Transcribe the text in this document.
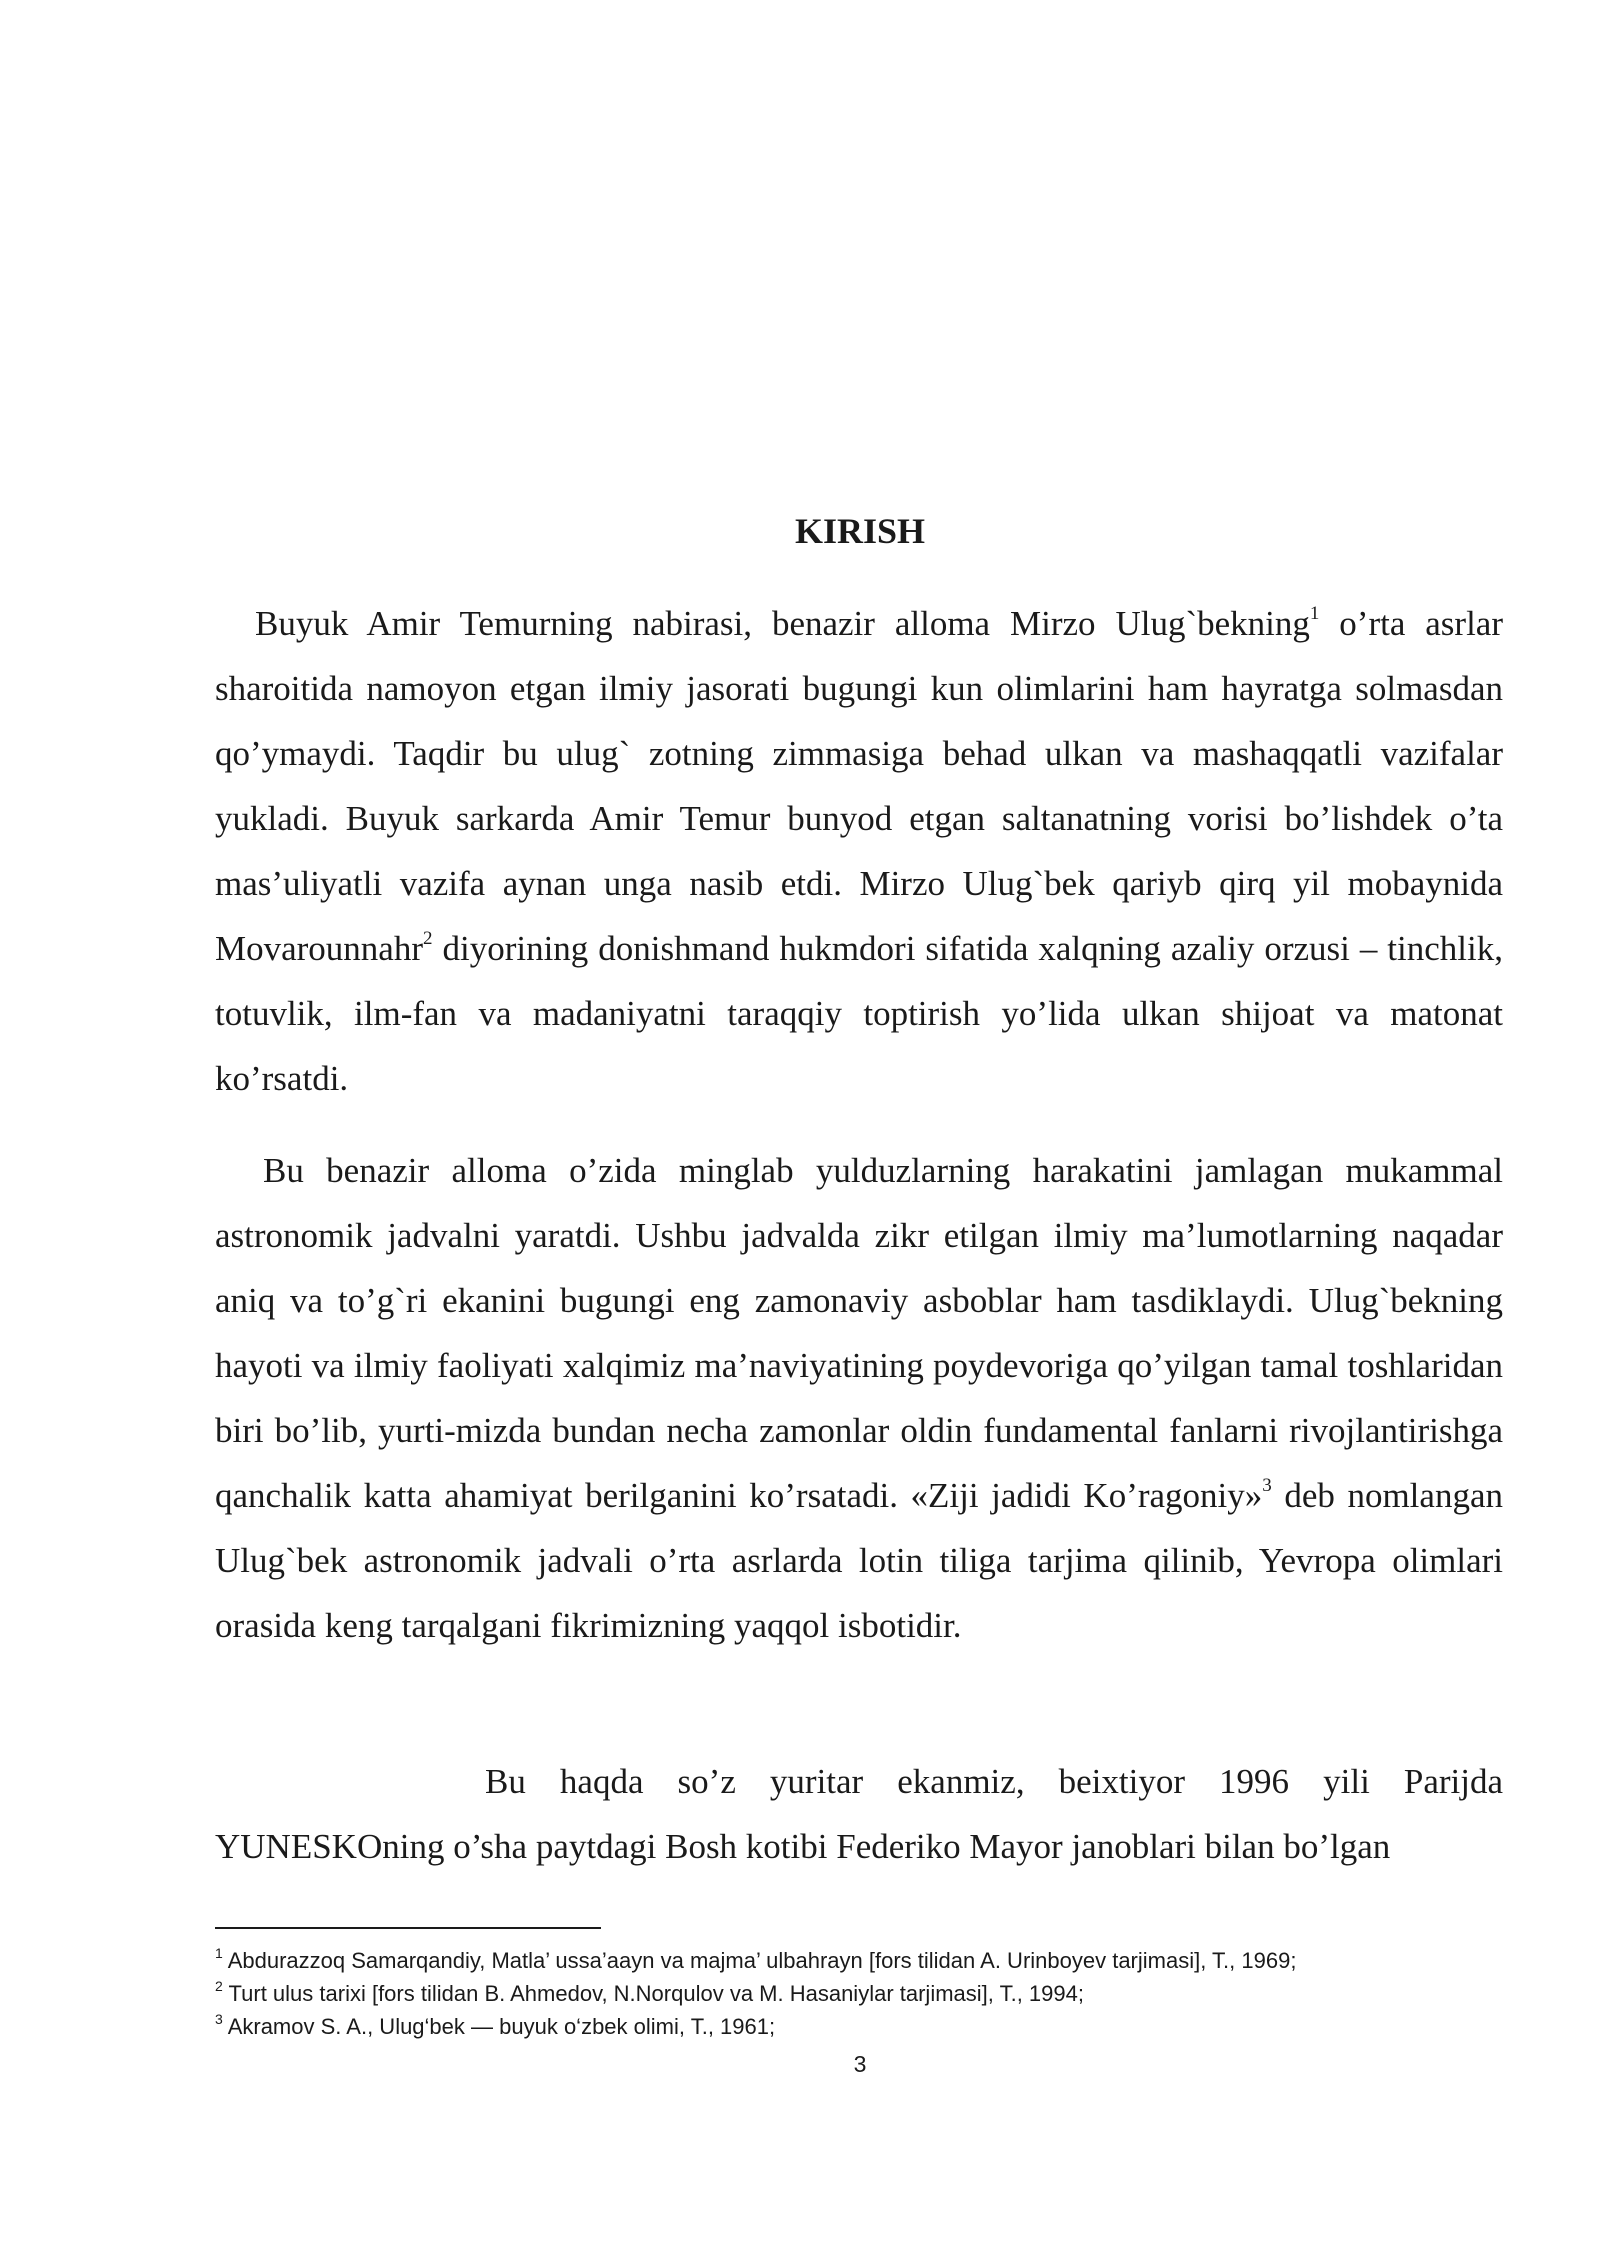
KIRISH

Buyuk Amir Temurning nabirasi, benazir alloma Mirzo Ulug`bekning$^1$ o’rta asrlar sharoitida namoyon etgan ilmiy jasorati bugungi kun olimlarini ham hayratga solmasdan qo’ymaydi. Taqdir bu ulug` zotning zimmasiga behad ulkan va mashaqqatli vazifalar yukladi. Buyuk sarkarda Amir Temur bunyod etgan saltanatning vorisi bo’lishdek o’ta mas’uliyatli vazifa aynan unga nasib etdi. Mirzo Ulug`bek qariyb qirq yil mobaynida Movarounnahr$^2$ diyorining donishmand hukmdori sifatida xalqning azaliy orzusi – tinchlik, totuvlik, ilm-fan va madaniyatni taraqqiy toptirish yo’lida ulkan shijoat va matonat ko’rsatdi.

Bu benazir alloma o’zida minglab yulduzlarning harakatini jamlagan mukammal astronomik jadvalni yaratdi. Ushbu jadvalda zikr etilgan ilmiy ma’lumotlarning naqadar aniq va to’g`ri ekanini bugungi eng zamonaviy asboblar ham tasdiklaydi. Ulug`bekning hayoti va ilmiy faoliyati xalqimiz ma’naviyatining poydevoriga qo’yilgan tamal toshlaridan biri bo’lib, yurti-mizda bundan necha zamonlar oldin fundamental fanlarni rivojlantirishga qanchalik katta ahamiyat berilganini ko’rsatadi. «Ziji jadidi Ko’ragoniy»$^3$ deb nomlangan Ulug`bek astronomik jadvali o’rta asrlarda lotin tiliga tarjima qilinib, Yevropa olimlari orasida keng tarqalgani fikrimizning yaqqol isbotidir.

Bu haqda so’z yuritar ekanmiz, beixtiyor 1996 yili Parijda YUNESKOning o’sha paytdagi Bosh kotibi Federiko Mayor janoblari bilan bo’lgan

$^1$ Abdurazzoq Samarqandiy, Matla’ ussa’aayn va majma’ ulbahrayn [fors tilidan A. Urinboyev tarjimasi], T., 1969;
$^2$ Turt ulus tarixi [fors tilidan B. Ahmedov, N.Norqulov va M. Hasaniylar tarjimasi], T., 1994;
$^3$ Akramov S. A., Ulug‘bek — buyuk o‘zbek olimi, T., 1961;
3
